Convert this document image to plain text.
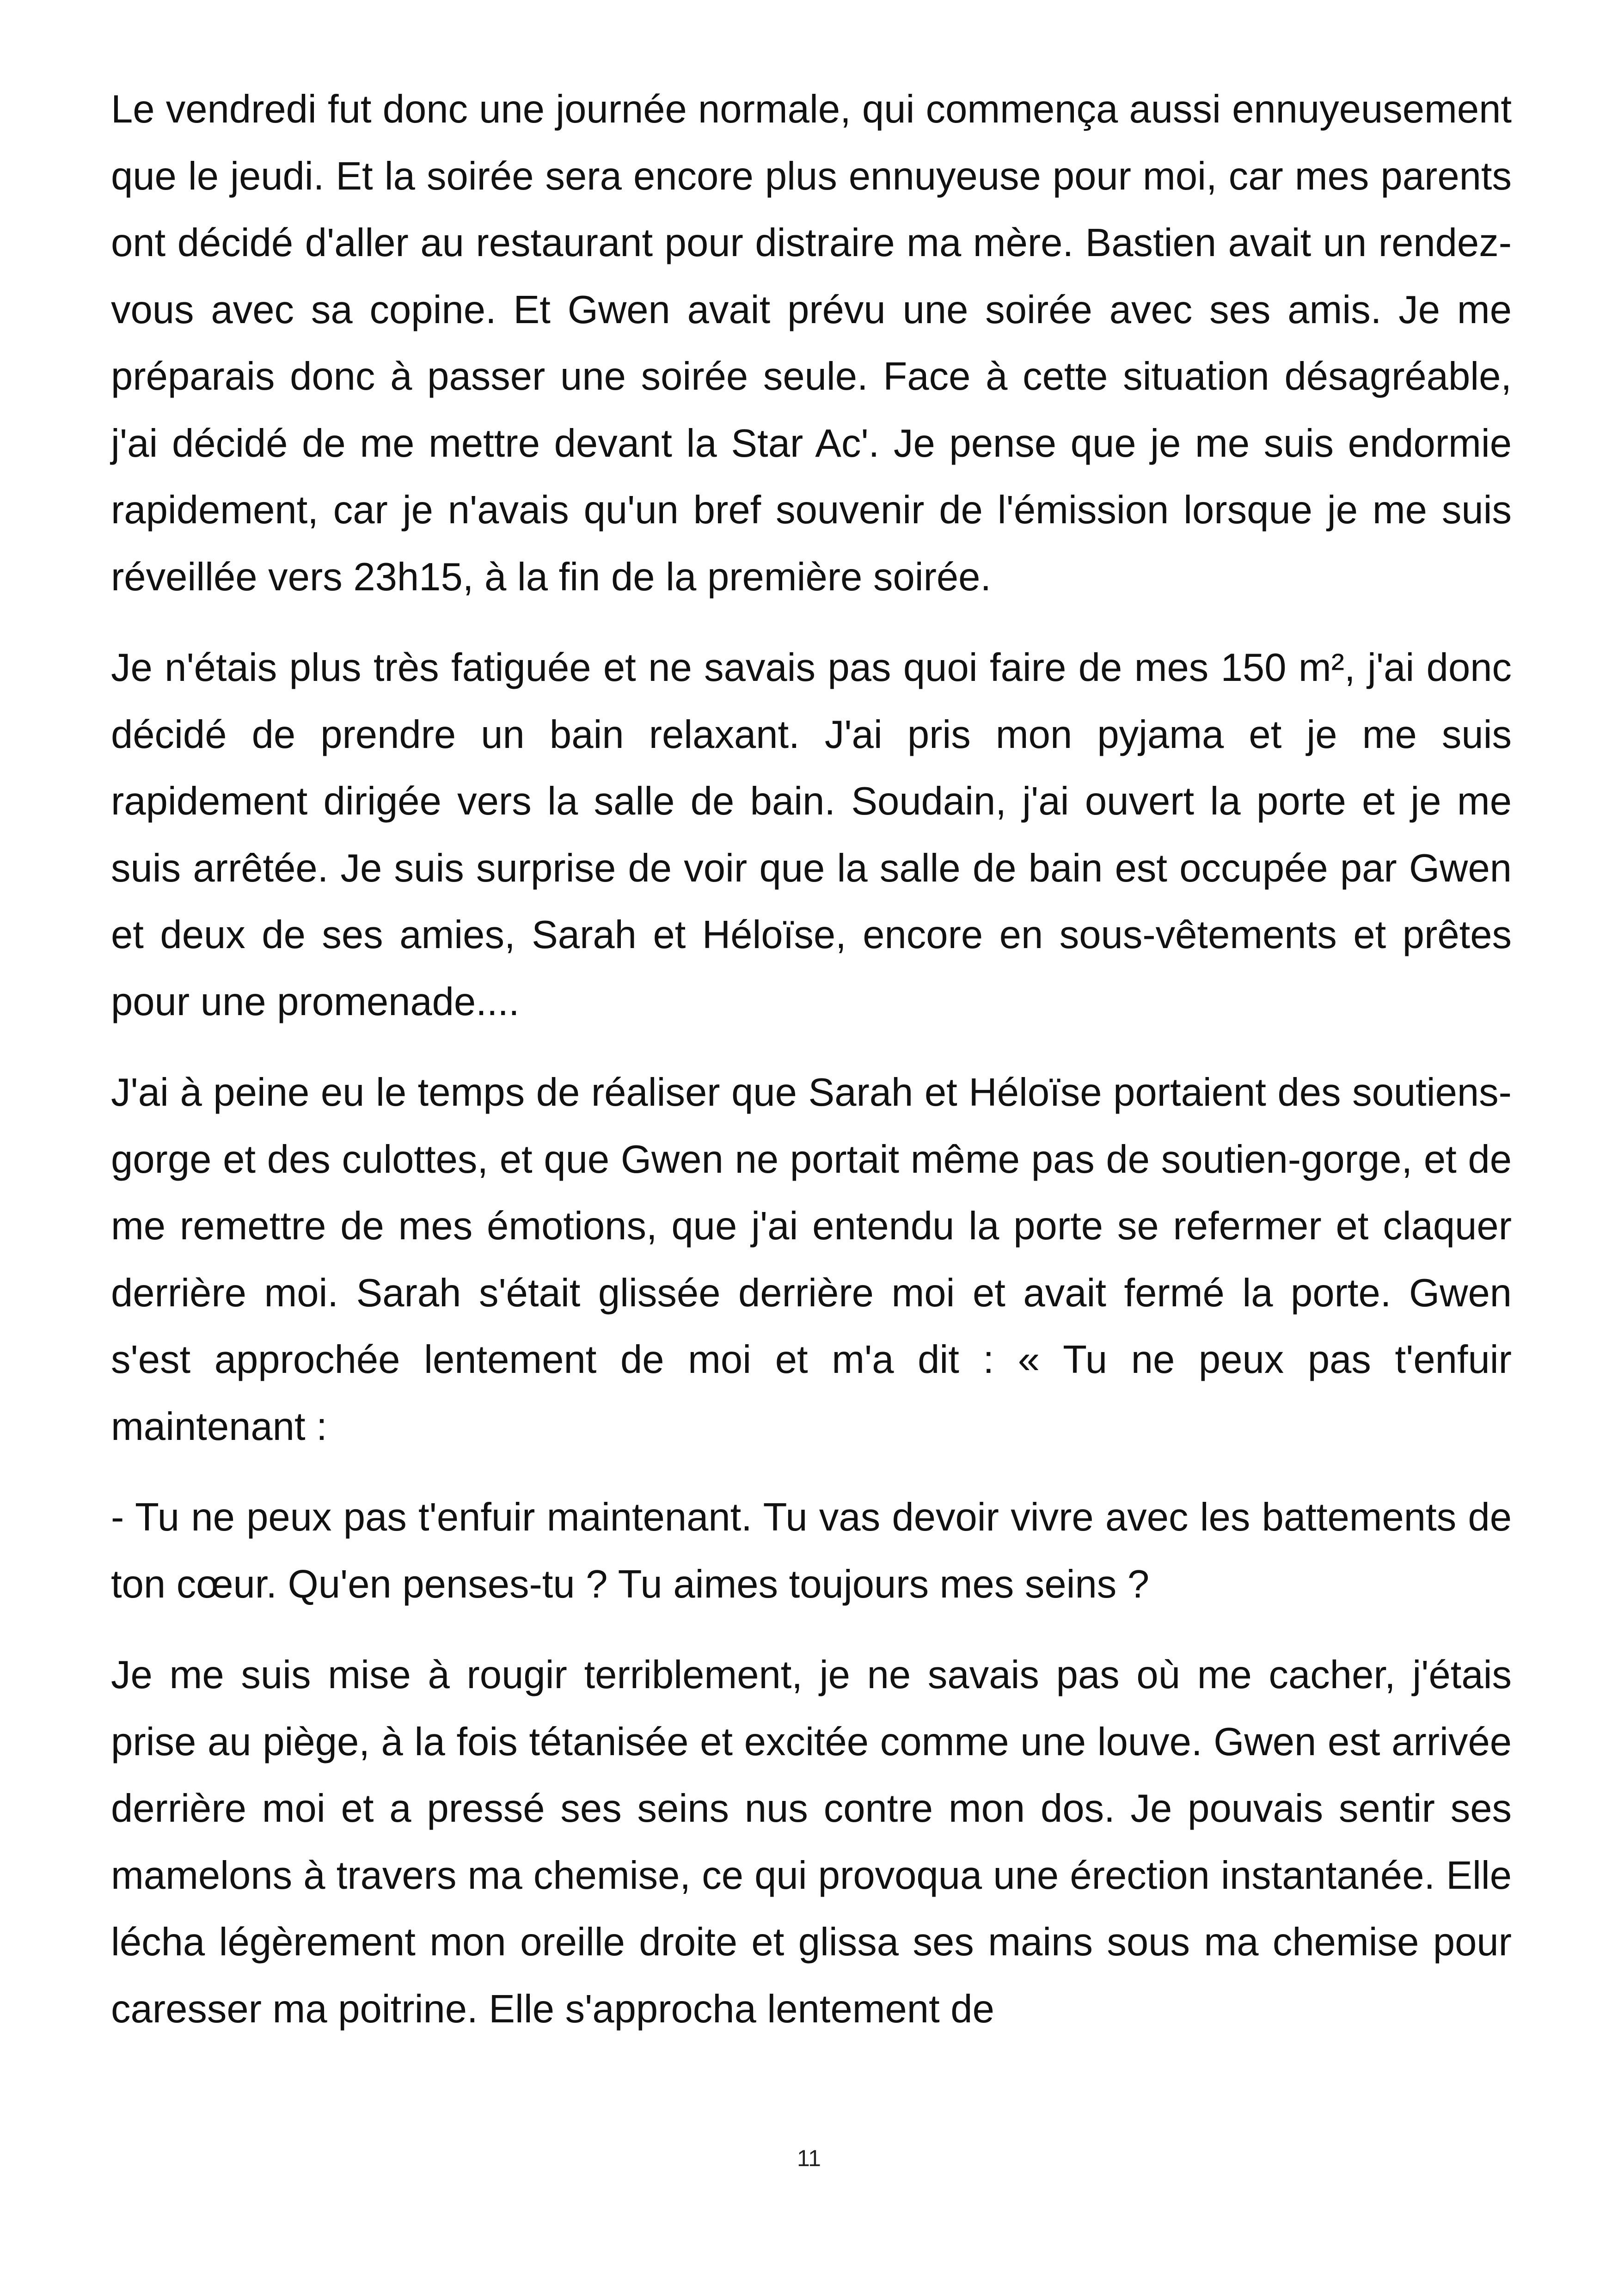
Le vendredi fut donc une journée normale, qui commença aussi ennuyeusement que le jeudi. Et la soirée sera encore plus ennuyeuse pour moi, car mes parents ont décidé d'aller au restaurant pour distraire ma mère. Bastien avait un rendez-vous avec sa copine. Et Gwen avait prévu une soirée avec ses amis. Je me préparais donc à passer une soirée seule. Face à cette situation désagréable, j'ai décidé de me mettre devant la Star Ac'. Je pense que je me suis endormie rapidement, car je n'avais qu'un bref souvenir de l'émission lorsque je me suis réveillée vers 23h15, à la fin de la première soirée.

Je n'étais plus très fatiguée et ne savais pas quoi faire de mes 150 m², j'ai donc décidé de prendre un bain relaxant. J'ai pris mon pyjama et je me suis rapidement dirigée vers la salle de bain. Soudain, j'ai ouvert la porte et je me suis arrêtée. Je suis surprise de voir que la salle de bain est occupée par Gwen et deux de ses amies, Sarah et Héloïse, encore en sous-vêtements et prêtes pour une promenade....

J'ai à peine eu le temps de réaliser que Sarah et Héloïse portaient des soutiens-gorge et des culottes, et que Gwen ne portait même pas de soutien-gorge, et de me remettre de mes émotions, que j'ai entendu la porte se refermer et claquer derrière moi. Sarah s'était glissée derrière moi et avait fermé la porte. Gwen s'est approchée lentement de moi et m'a dit : « Tu ne peux pas t'enfuir maintenant :

- Tu ne peux pas t'enfuir maintenant. Tu vas devoir vivre avec les battements de ton cœur. Qu'en penses-tu ? Tu aimes toujours mes seins ?

Je me suis mise à rougir terriblement, je ne savais pas où me cacher, j'étais prise au piège, à la fois tétanisée et excitée comme une louve. Gwen est arrivée derrière moi et a pressé ses seins nus contre mon dos. Je pouvais sentir ses mamelons à travers ma chemise, ce qui provoqua une érection instantanée. Elle lécha légèrement mon oreille droite et glissa ses mains sous ma chemise pour caresser ma poitrine. Elle s'approcha lentement de

11
